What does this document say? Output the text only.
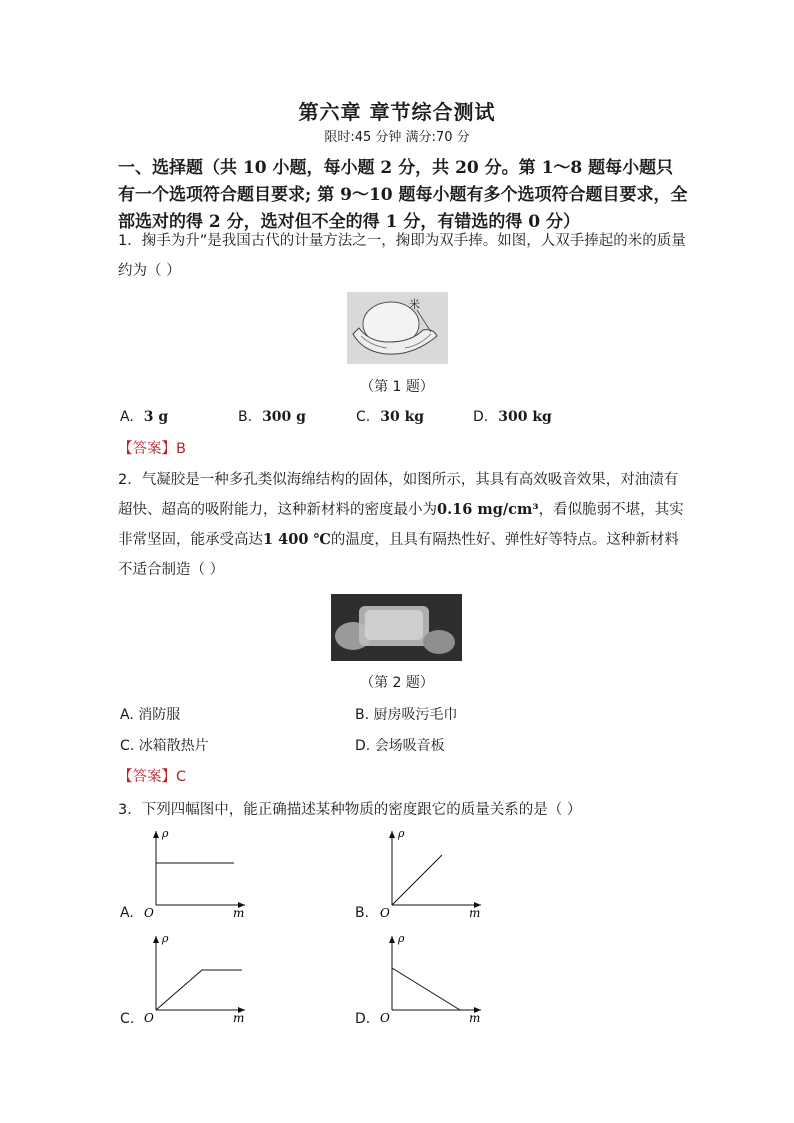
第六章 章节综合测试
限时:45 分钟 满分:70 分
一、选择题（共 10 小题，每小题 2 分，共 20 分。第 1～8 题每小题只有一个选项符合题目要求; 第 9～10 题每小题有多个选项符合题目要求，全部选对的得 2 分，选对但不全的得 1 分，有错选的得 0 分）
1．掬手为升”是我国古代的计量方法之一，掬即为双手捧。如图，人双手捧起的米的质量约为（ ）
米
（第 1 题）
A. 3 g	B. 300 g	C. 30 kg	D. 300 kg
【答案】B
2．气凝胶是一种多孔类似海绵结构的固体，如图所示，其具有高效吸音效果，对油渍有超快、超高的吸附能力，这种新材料的密度最小为0.16 mg/cm³，看似脆弱不堪，其实非常坚固，能承受高达1 400 ℃的温度，且具有隔热性好、弹性好等特点。这种新材料不适合制造（ ）
（第 2 题）
A. 消防服	B. 厨房吸污毛巾
C. 冰箱散热片	D. 会场吸音板
【答案】C
3．下列四幅图中，能正确描述某种物质的密度跟它的质量关系的是（ ）
A.
ρ
m
O	B.
ρ
m
O
C.
ρ
m
O	D.
ρ
m
O
